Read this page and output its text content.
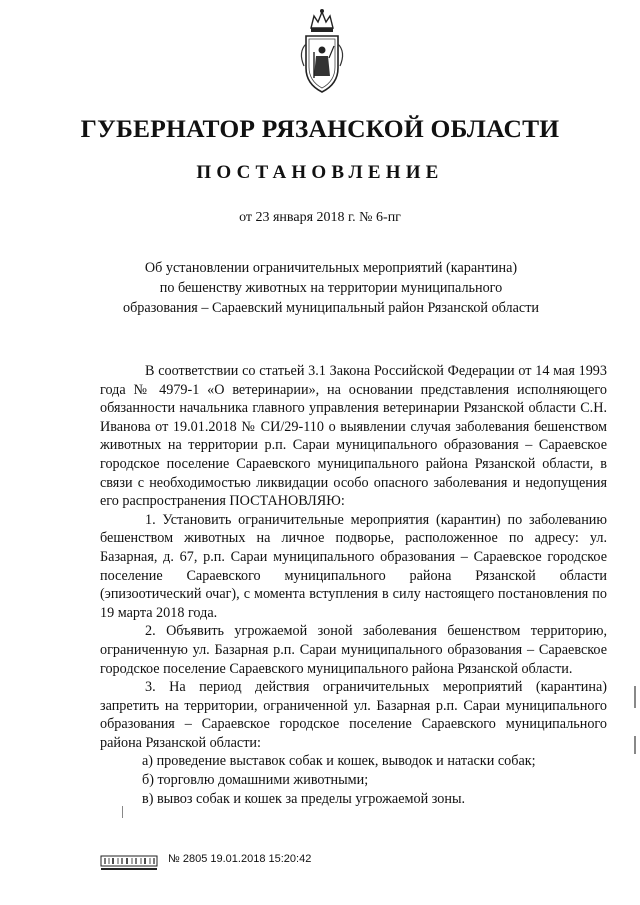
ГУБЕРНАТОР РЯЗАНСКОЙ ОБЛАСТИ
ПОСТАНОВЛЕНИЕ
от 23 января 2018 г. № 6-пг
Об установлении ограничительных мероприятий (карантина)
по бешенству животных на территории муниципального
образования – Сараевский муниципальный район Рязанской области

В соответствии со статьей 3.1 Закона Российской Федерации от 14 мая 1993 года № 4979-1 «О ветеринарии», на основании представления исполняющего обязанности начальника главного управления ветеринарии Рязанской области С.Н. Иванова от 19.01.2018 № СИ/29-110 о выявлении случая заболевания бешенством животных на территории р.п. Сараи муниципального образования – Сараевское городское поселение Сараевского муниципального района Рязанской области, в связи с необходимостью ликвидации особо опасного заболевания и недопущения его распространения ПОСТАНОВЛЯЮ:

1. Установить ограничительные мероприятия (карантин) по заболеванию бешенством животных на личное подворье, расположенное по адресу: ул. Базарная, д. 67, р.п. Сараи муниципального образования – Сараевское городское поселение Сараевского муниципального района Рязанской области (эпизоотический очаг), с момента вступления в силу настоящего постановления по 19 марта 2018 года.

2. Объявить угрожаемой зоной заболевания бешенством территорию, ограниченную ул. Базарная р.п. Сараи муниципального образования – Сараевское городское поселение Сараевского муниципального района Рязанской области.

3. На период действия ограничительных мероприятий (карантина) запретить на территории, ограниченной ул. Базарная р.п. Сараи муниципального образования – Сараевское городское поселение Сараевского муниципального района Рязанской области:

а) проведение выставок собак и кошек, выводок и натаски собак;

б) торговлю домашними животными;

в) вывоз собак и кошек за пределы угрожаемой зоны.

№ 2805 19.01.2018 15:20:42
